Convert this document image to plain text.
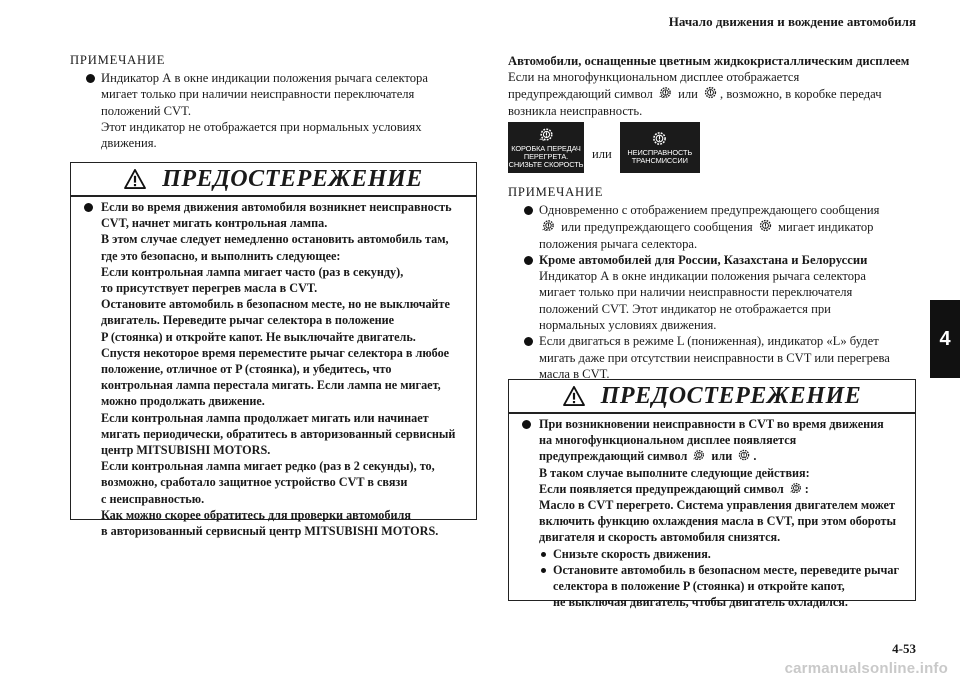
Начало движения и вождение автомобиля
4
4-53
carmanualsonline.info
ПРИМЕЧАНИЕ

Индикатор А в окне индикации положения рычага селектора

мигает только при наличии неисправности переключателя

положений CVT.

Этот индикатор не отображается при нормальных условиях

движения.

ПРЕДОСТЕРЕЖЕНИЕ

Если во время движения автомобиля возникнет неисправность

CVT, начнет мигать контрольная лампа.

В этом случае следует немедленно остановить автомобиль там,

где это безопасно, и выполнить следующее:

Если контрольная лампа мигает часто (раз в секунду),

то присутствует перегрев масла в CVT.

Остановите автомобиль в безопасном месте, но не выключайте

двигатель. Переведите рычаг селектора в положение

P (стоянка) и откройте капот. Не выключайте двигатель.

Спустя некоторое время переместите рычаг селектора в любое

положение, отличное от P (стоянка), и убедитесь, что

контрольная лампа перестала мигать. Если лампа не мигает,

можно продолжать движение.

Если контрольная лампа продолжает мигать или начинает

мигать периодически, обратитесь в авторизованный сервисный

центр MITSUBISHI MOTORS.

Если контрольная лампа мигает редко (раз в 2 секунды), то,

возможно, сработало защитное устройство CVT в связи

с неисправностью.

Как можно скорее обратитесь для проверки автомобиля

в авторизованный сервисный центр MITSUBISHI MOTORS.

Автомобили, оснащенные цветным жидкокристаллическим дисплеем

Если на многофункциональном дисплее отображается

предупреждающий символ или , возможно, в коробке передач

возникла неисправность.

КОРОБКА ПЕРЕДАЧ
ПЕРЕГРЕТА.
СНИЗЬТЕ СКОРОСТЬ
или НЕИСПРАВНОСТЬ
ТРАНСМИССИИ
ПРИМЕЧАНИЕ

Одновременно с отображением предупреждающего сообщения

или предупреждающего сообщения мигает индикатор

положения рычага селектора.

Кроме автомобилей для России, Казахстана и Белоруссии

Индикатор А в окне индикации положения рычага селектора

мигает только при наличии неисправности переключателя

положений CVT. Этот индикатор не отображается при

нормальных условиях движения.

Если двигаться в режиме L (пониженная), индикатор «L» будет

мигать даже при отсутствии неисправности в CVT или перегрева

масла в CVT.

ПРЕДОСТЕРЕЖЕНИЕ

При возникновении неисправности в CVT во время движения

на многофункциональном дисплее появляется

предупреждающий символ или .

В таком случае выполните следующие действия:

Если появляется предупреждающий символ :

Масло в CVT перегрето. Система управления двигателем может

включить функцию охлаждения масла в CVT, при этом обороты

двигателя и скорость автомобиля снизятся.

Снизьте скорость движения.

Остановите автомобиль в безопасном месте, переведите рычаг

селектора в положение P (стоянка) и откройте капот,

не выключая двигатель, чтобы двигатель охладился.
